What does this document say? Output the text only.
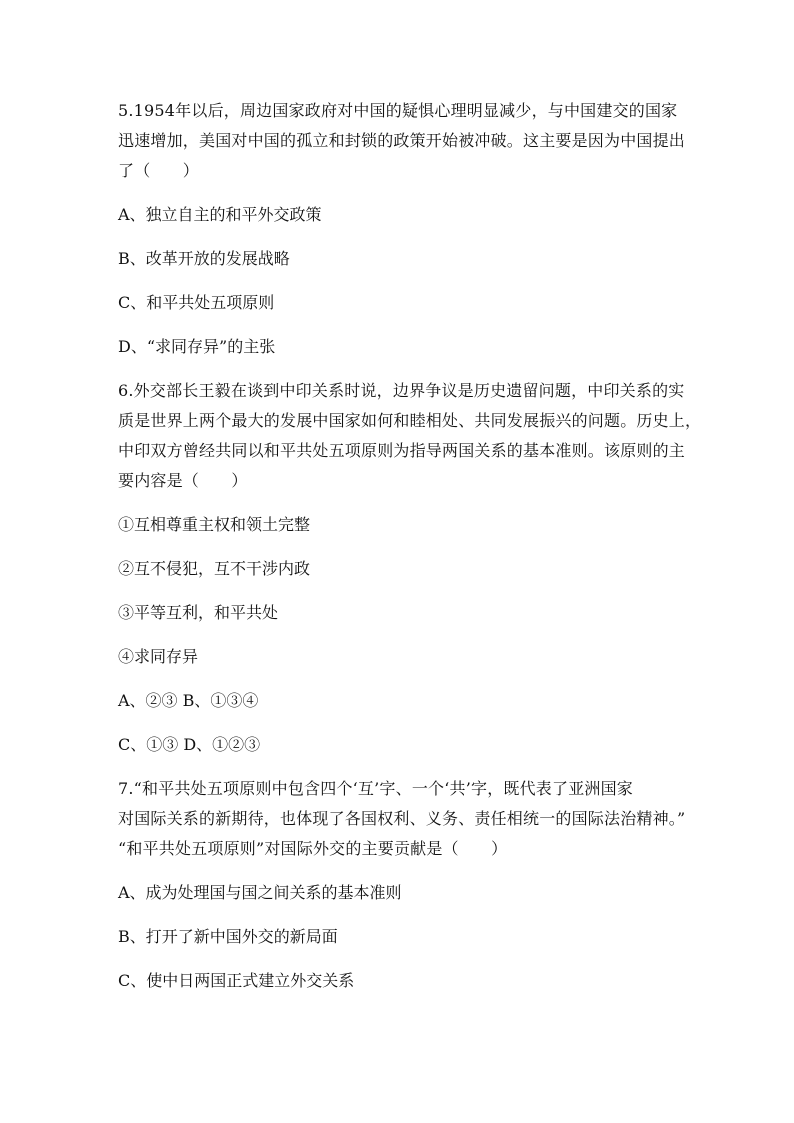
5.1954年以后，周边国家政府对中国的疑惧心理明显减少，与中国建交的国家
迅速增加，美国对中国的孤立和封锁的政策开始被冲破。这主要是因为中国提出
了（　　）

A、独立自主的和平外交政策

B、改革开放的发展战略

C、和平共处五项原则

D、“求同存异”的主张

6.外交部长王毅在谈到中印关系时说，边界争议是历史遗留问题，中印关系的实
质是世界上两个最大的发展中国家如何和睦相处、共同发展振兴的问题。历史上，
中印双方曾经共同以和平共处五项原则为指导两国关系的基本准则。该原则的主
要内容是（　　）

①互相尊重主权和领土完整

②互不侵犯，互不干涉内政

③平等互利，和平共处

④求同存异

A、②③ B、①③④

C、①③ D、①②③

7.“和平共处五项原则中包含四个‘互’字、一个‘共’字，既代表了亚洲国家
对国际关系的新期待，也体现了各国权利、义务、责任相统一的国际法治精神。”
“和平共处五项原则”对国际外交的主要贡献是（　　）

A、成为处理国与国之间关系的基本准则

B、打开了新中国外交的新局面

C、使中日两国正式建立外交关系
